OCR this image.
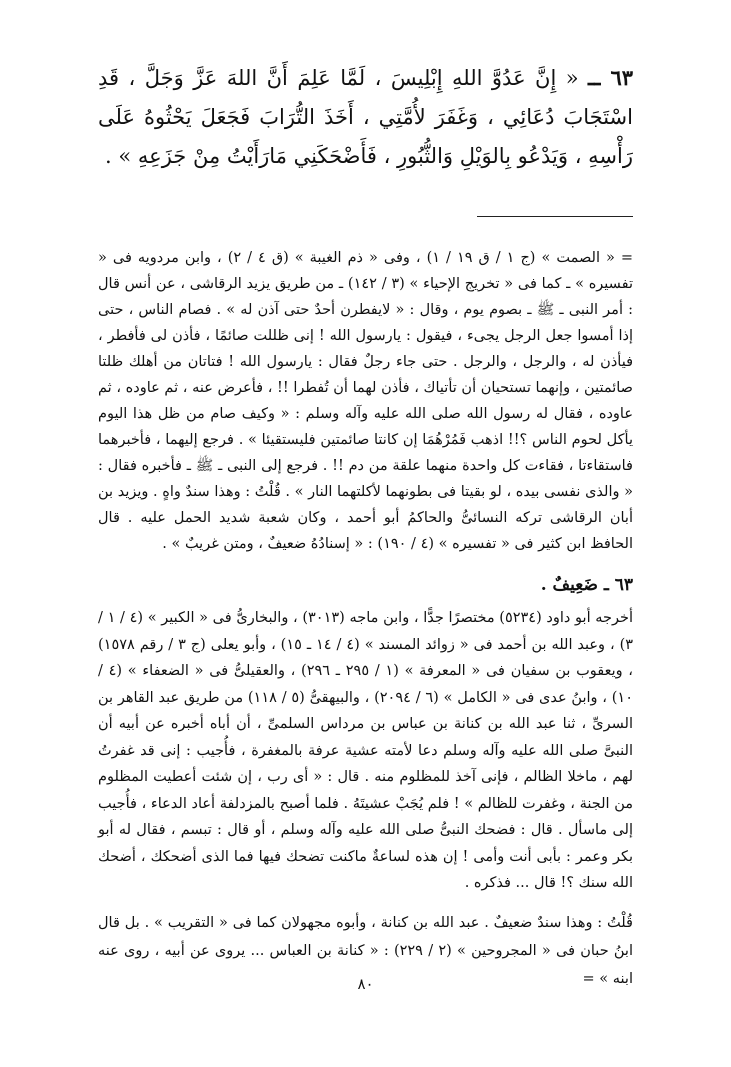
٦٣ ــ « إِنَّ عَدُوَّ اللهِ إِبْلِيسَ ، لَمَّا عَلِمَ أَنَّ اللهَ عَزَّ وَجَلَّ ، قَدِ اسْتَجَابَ دُعَائِي ، وَغَفَرَ لأُمَّتِي ، أَخَذَ التُّرَابَ فَجَعَلَ يَحْثُوهُ عَلَى رَأْسِهِ ، وَيَدْعُو بِالوَيْلِ وَالثُّبُورِ ، فَأَضْحَكَنِي مَارَأَيْتُ مِنْ جَزَعِهِ » .

= « الصمت » (ج ١ / ق ١٩ / ١) ، وفى « ذم الغيبة » (ق ٤ / ٢) ، وابن مردويه فى « تفسيره » ـ كما فى « تخريج الإحياء » (٣ / ١٤٢) ـ من طريق يزيد الرقاشى ، عن أنس قال : أمر النبى ـ ﷺ ـ بصوم يوم ، وقال : « لايفطرن أحدٌ حتى آذن له » . فصام الناس ، حتى إذا أمسوا جعل الرجل يجىء ، فيقول : يارسول الله ! إنى ظللت صائمًا ، فأذن لى فأفطر ، فيأذن له ، والرجل ، والرجل . حتى جاء رجلٌ فقال : يارسول الله ! فتاتان من أهلك ظلتا صائمتين ، وإنهما تستحيان أن تأتياك ، فأذن لهما أن تُفطرا !! ، فأعرض عنه ، ثم عاوده ، ثم عاوده ، فقال له رسول الله صلى الله عليه وآله وسلم : « وكيف صام من ظل هذا اليوم يأكل لحوم الناس ؟!! اذهب فَمُرْهُمَا إن كانتا صائمتين فليستقيئا » . فرجع إليهما ، فأخبرهما فاستقاءتا ، فقاءت كل واحدة منهما علقة من دم !! . فرجع إلى النبى ـ ﷺ ـ فأخبره فقال : « والذى نفسى بيده ، لو بقيتا فى بطونهما لأكلتهما النار » . قُلْتُ : وهذا سندٌ واهٍ . ويزيد بن أبان الرقاشى تركه النسائىُّ والحاكمُ أبو أحمد ، وكان شعبة شديد الحمل عليه . قال الحافظ ابن كثير فى « تفسيره » (٤ / ١٩٠) : « إسنادُهُ ضعيفٌ ، ومتن غريبٌ » .

٦٣ ـ ضَعِيفٌ .

أخرجه أبو داود (٥٢٣٤) مختصرًا جدًّا ، وابن ماجه (٣٠١٣) ، والبخارىُّ فى « الكبير » (٤ / ١ / ٣) ، وعبد الله بن أحمد فى « زوائد المسند » (٤ / ١٤ ـ ١٥) ، وأبو يعلى (ج ٣ / رقم ١٥٧٨) ، ويعقوب بن سفيان فى « المعرفة » (١ / ٢٩٥ ـ ٢٩٦) ، والعقيلىُّ فى « الضعفاء » (٤ / ١٠) ، وابنُ عدى فى « الكامل » (٦ / ٢٠٩٤) ، والبيهقىُّ (٥ / ١١٨) من طريق عبد القاهر بن السرىِّ ، ثنا عبد الله بن كنانة بن عباس بن مرداس السلمىِّ ، أن أباه أخبره عن أبيه أن النبىَّ صلى الله عليه وآله وسلم دعا لأمته عشية عرفة بالمغفرة ، فأُجيب : إنى قد غفرتُ لهم ، ماخلا الظالم ، فإنى آخذ للمظلوم منه . قال : « أى رب ، إن شئت أعطيت المظلوم من الجنة ، وغفرت للظالم » ! فلم يُجَبْ عشيتَهُ . فلما أصبح بالمزدلفة أعاد الدعاء ، فأُجيب إلى ماسأل . قال : فضحك النبىُّ صلى الله عليه وآله وسلم ، أو قال : تبسم ، فقال له أبو بكر وعمر : بأبى أنت وأمى ! إن هذه لساعةٌ ماكنت تضحك فيها فما الذى أضحكك ، أضحك الله سنك ؟! قال ... فذكره .

قُلْتُ : وهذا سندٌ ضعيفٌ . عبد الله بن كنانة ، وأبوه مجهولان كما فى « التقريب » . بل قال ابنُ حبان فى « المجروحين » (٢ / ٢٢٩) : « كنانة بن العباس ... يروى عن أبيه ، روى عنه ابنه » =

٨٠
